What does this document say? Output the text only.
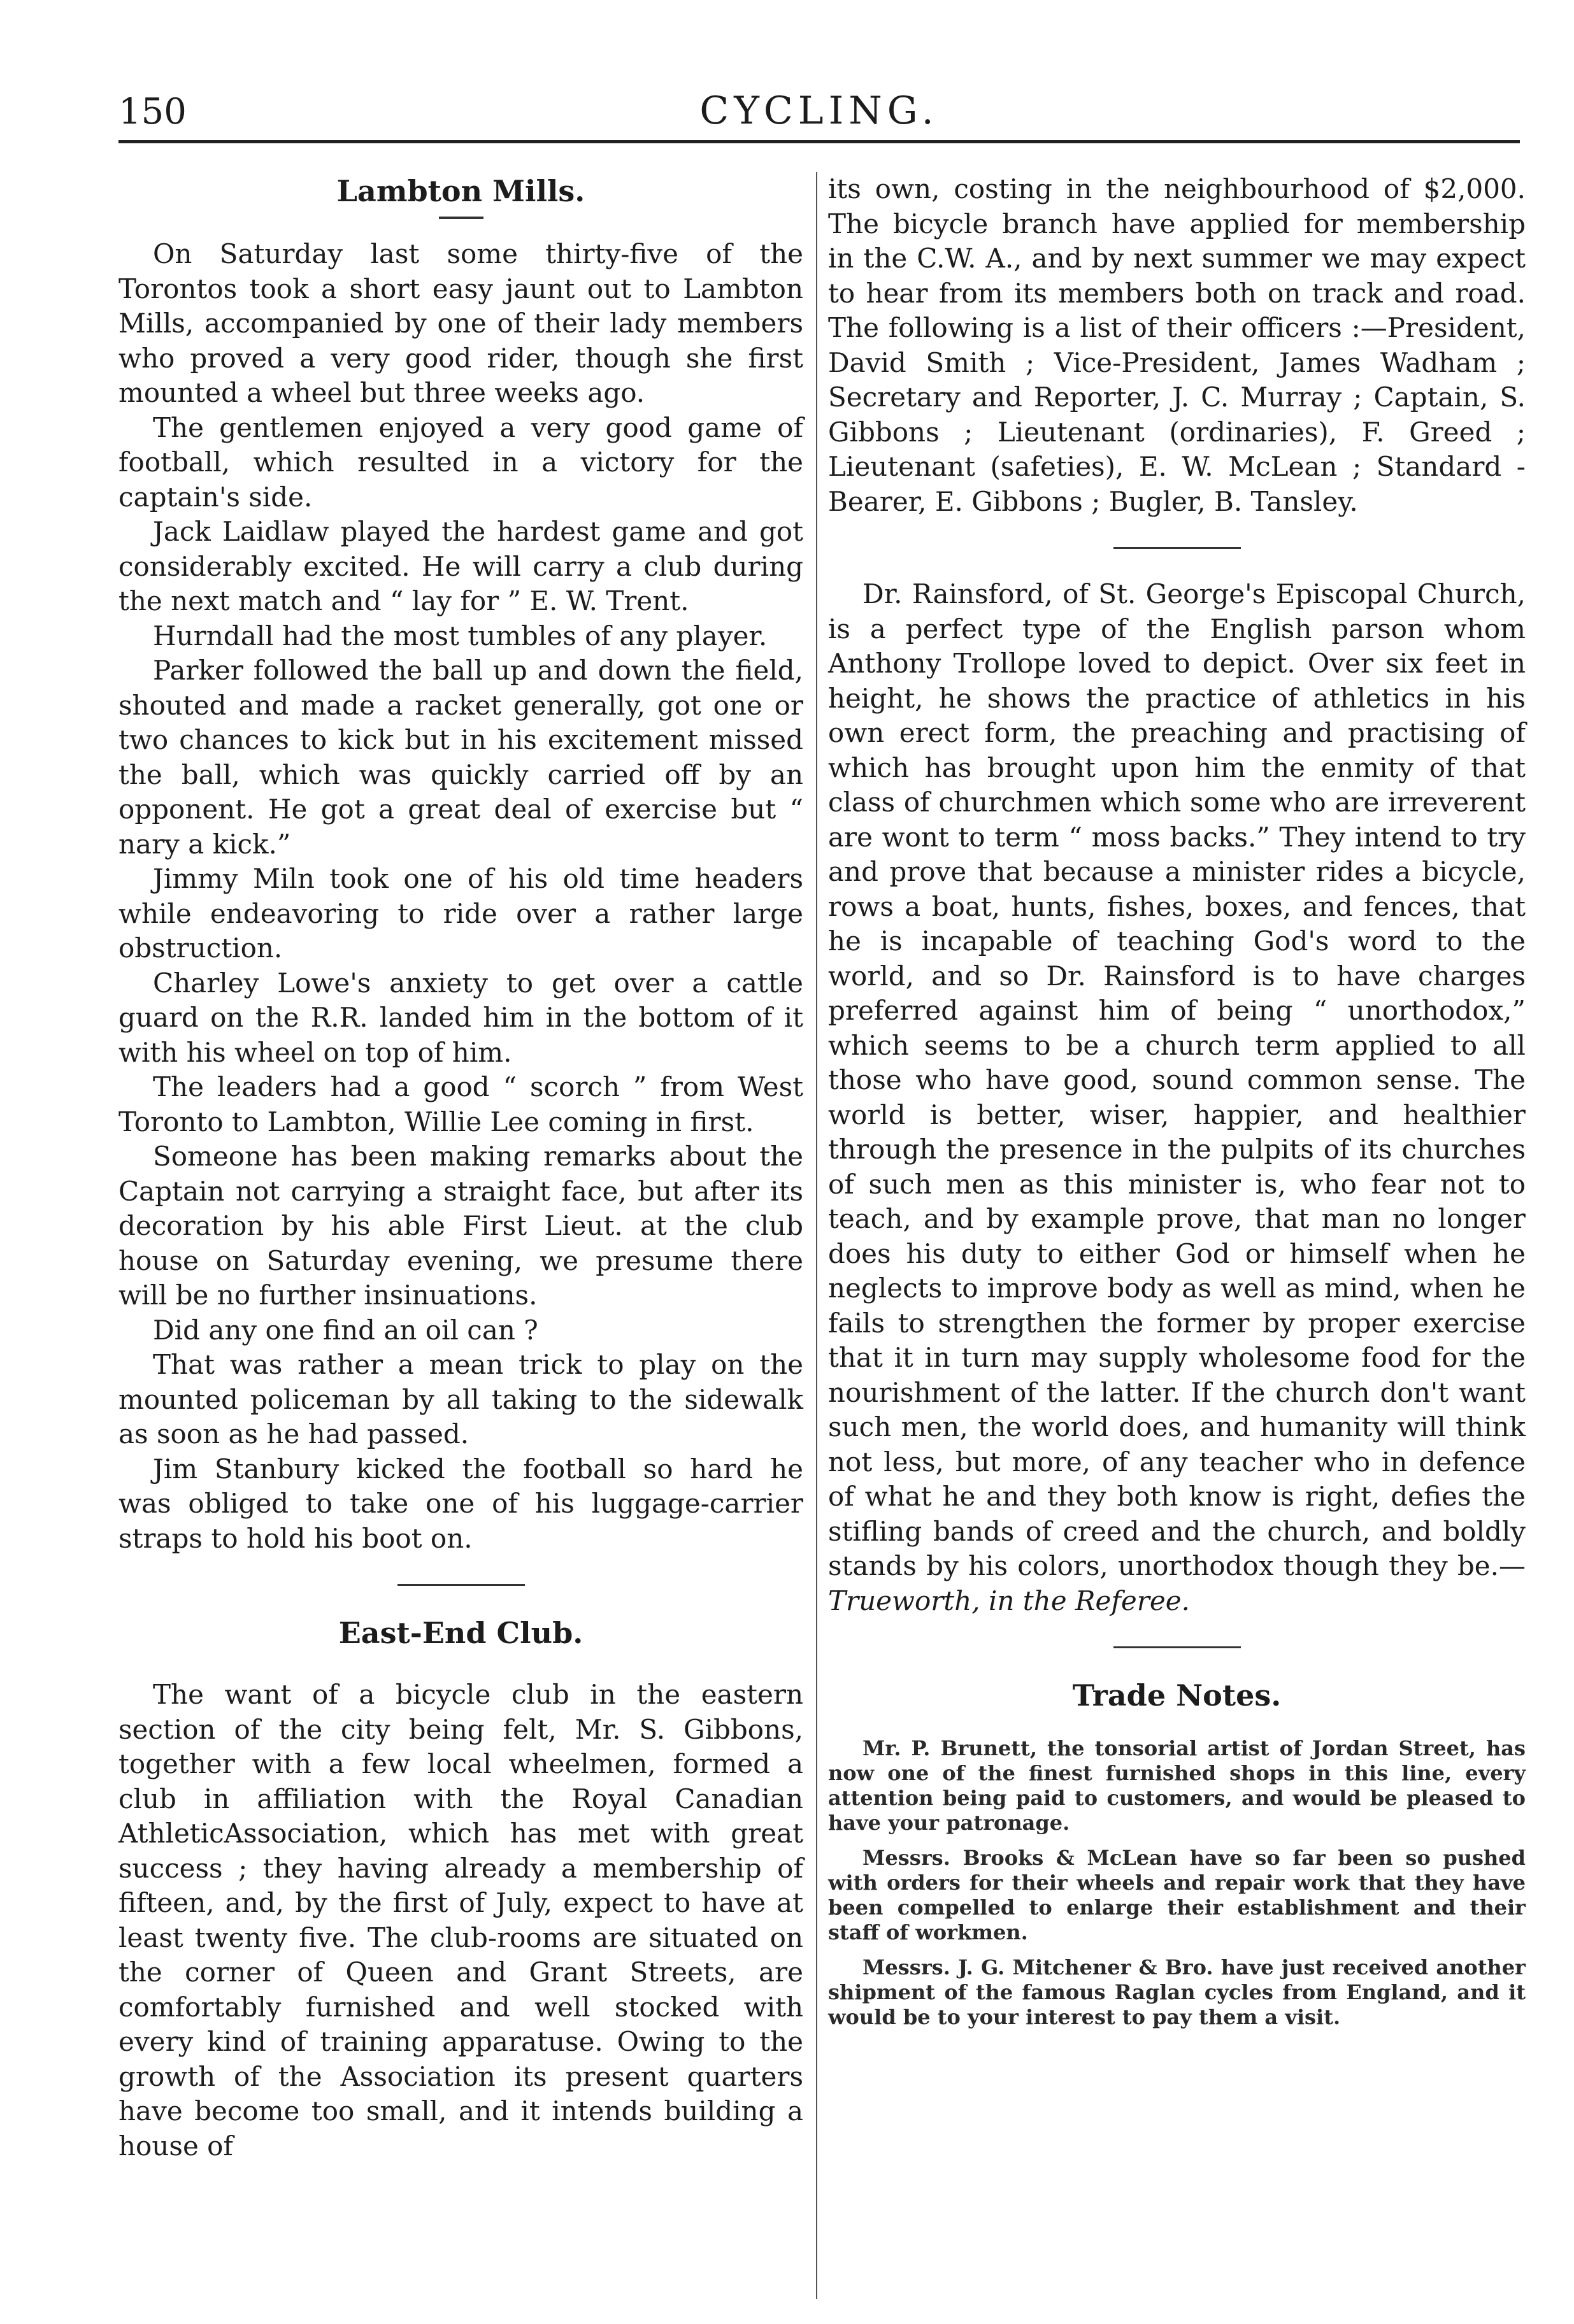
150	CYCLING.
Lambton Mills.

On Saturday last some thirty-five of the Torontos took a short easy jaunt out to Lambton Mills, accompanied by one of their lady members who proved a very good rider, though she first mounted a wheel but three weeks ago.

The gentlemen enjoyed a very good game of football, which resulted in a victory for the captain's side.

Jack Laidlaw played the hardest game and got considerably excited. He will carry a club during the next match and “ lay for ” E. W. Trent.

Hurndall had the most tumbles of any player.

Parker followed the ball up and down the field, shouted and made a racket generally, got one or two chances to kick but in his excitement missed the ball, which was quickly carried off by an opponent. He got a great deal of exercise but “ nary a kick.”

Jimmy Miln took one of his old time headers while endeavoring to ride over a rather large obstruction.

Charley Lowe's anxiety to get over a cattle guard on the R.R. landed him in the bottom of it with his wheel on top of him.

The leaders had a good “ scorch ” from West Toronto to Lambton, Willie Lee coming in first.

Someone has been making remarks about the Captain not carrying a straight face, but after its decoration by his able First Lieut. at the club house on Saturday evening, we presume there will be no further insinuations.

Did any one find an oil can ?

That was rather a mean trick to play on the mounted policeman by all taking to the sidewalk as soon as he had passed.

Jim Stanbury kicked the football so hard he was obliged to take one of his luggage-carrier straps to hold his boot on.

East-End Club.

The want of a bicycle club in the eastern section of the city being felt, Mr. S. Gibbons, together with a few local wheelmen, formed a club in affiliation with the Royal Canadian AthleticAssociation, which has met with great success ; they having already a membership of fifteen, and, by the first of July, expect to have at least twenty five. The club-rooms are situated on the corner of Queen and Grant Streets, are comfortably furnished and well stocked with every kind of training apparatuse. Owing to the growth of the Association its present quarters have become too small, and it intends building a house of

its own, costing in the neighbourhood of $2,000. The bicycle branch have applied for membership in the C.W. A., and by next summer we may expect to hear from its members both on track and road. The following is a list of their officers :—President, David Smith ; Vice-President, James Wadham ; Secretary and Reporter, J. C. Murray ; Captain, S. Gibbons ; Lieutenant (ordinaries), F. Greed ; Lieutenant (safeties), E. W. McLean ; Standard - Bearer, E. Gibbons ; Bugler, B. Tansley.

Dr. Rainsford, of St. George's Episcopal Church, is a perfect type of the English parson whom Anthony Trollope loved to depict. Over six feet in height, he shows the practice of athletics in his own erect form, the preaching and practising of which has brought upon him the enmity of that class of churchmen which some who are irreverent are wont to term “ moss backs.” They intend to try and prove that because a minister rides a bicycle, rows a boat, hunts, fishes, boxes, and fences, that he is incapable of teaching God's word to the world, and so Dr. Rainsford is to have charges preferred against him of being “ unorthodox,” which seems to be a church term applied to all those who have good, sound common sense. The world is better, wiser, happier, and healthier through the presence in the pulpits of its churches of such men as this minister is, who fear not to teach, and by example prove, that man no longer does his duty to either God or himself when he neglects to improve body as well as mind, when he fails to strengthen the former by proper exercise that it in turn may supply wholesome food for the nourishment of the latter. If the church don't want such men, the world does, and humanity will think not less, but more, of any teacher who in defence of what he and they both know is right, defies the stifling bands of creed and the church, and boldly stands by his colors, unorthodox though they be.—Trueworth, in the Referee.

Trade Notes.

Mr. P. Brunett, the tonsorial artist of Jordan Street, has now one of the finest furnished shops in this line, every attention being paid to customers, and would be pleased to have your patronage.

Messrs. Brooks & McLean have so far been so pushed with orders for their wheels and repair work that they have been compelled to enlarge their establishment and their staff of workmen.

Messrs. J. G. Mitchener & Bro. have just received another shipment of the famous Raglan cycles from England, and it would be to your interest to pay them a visit.
